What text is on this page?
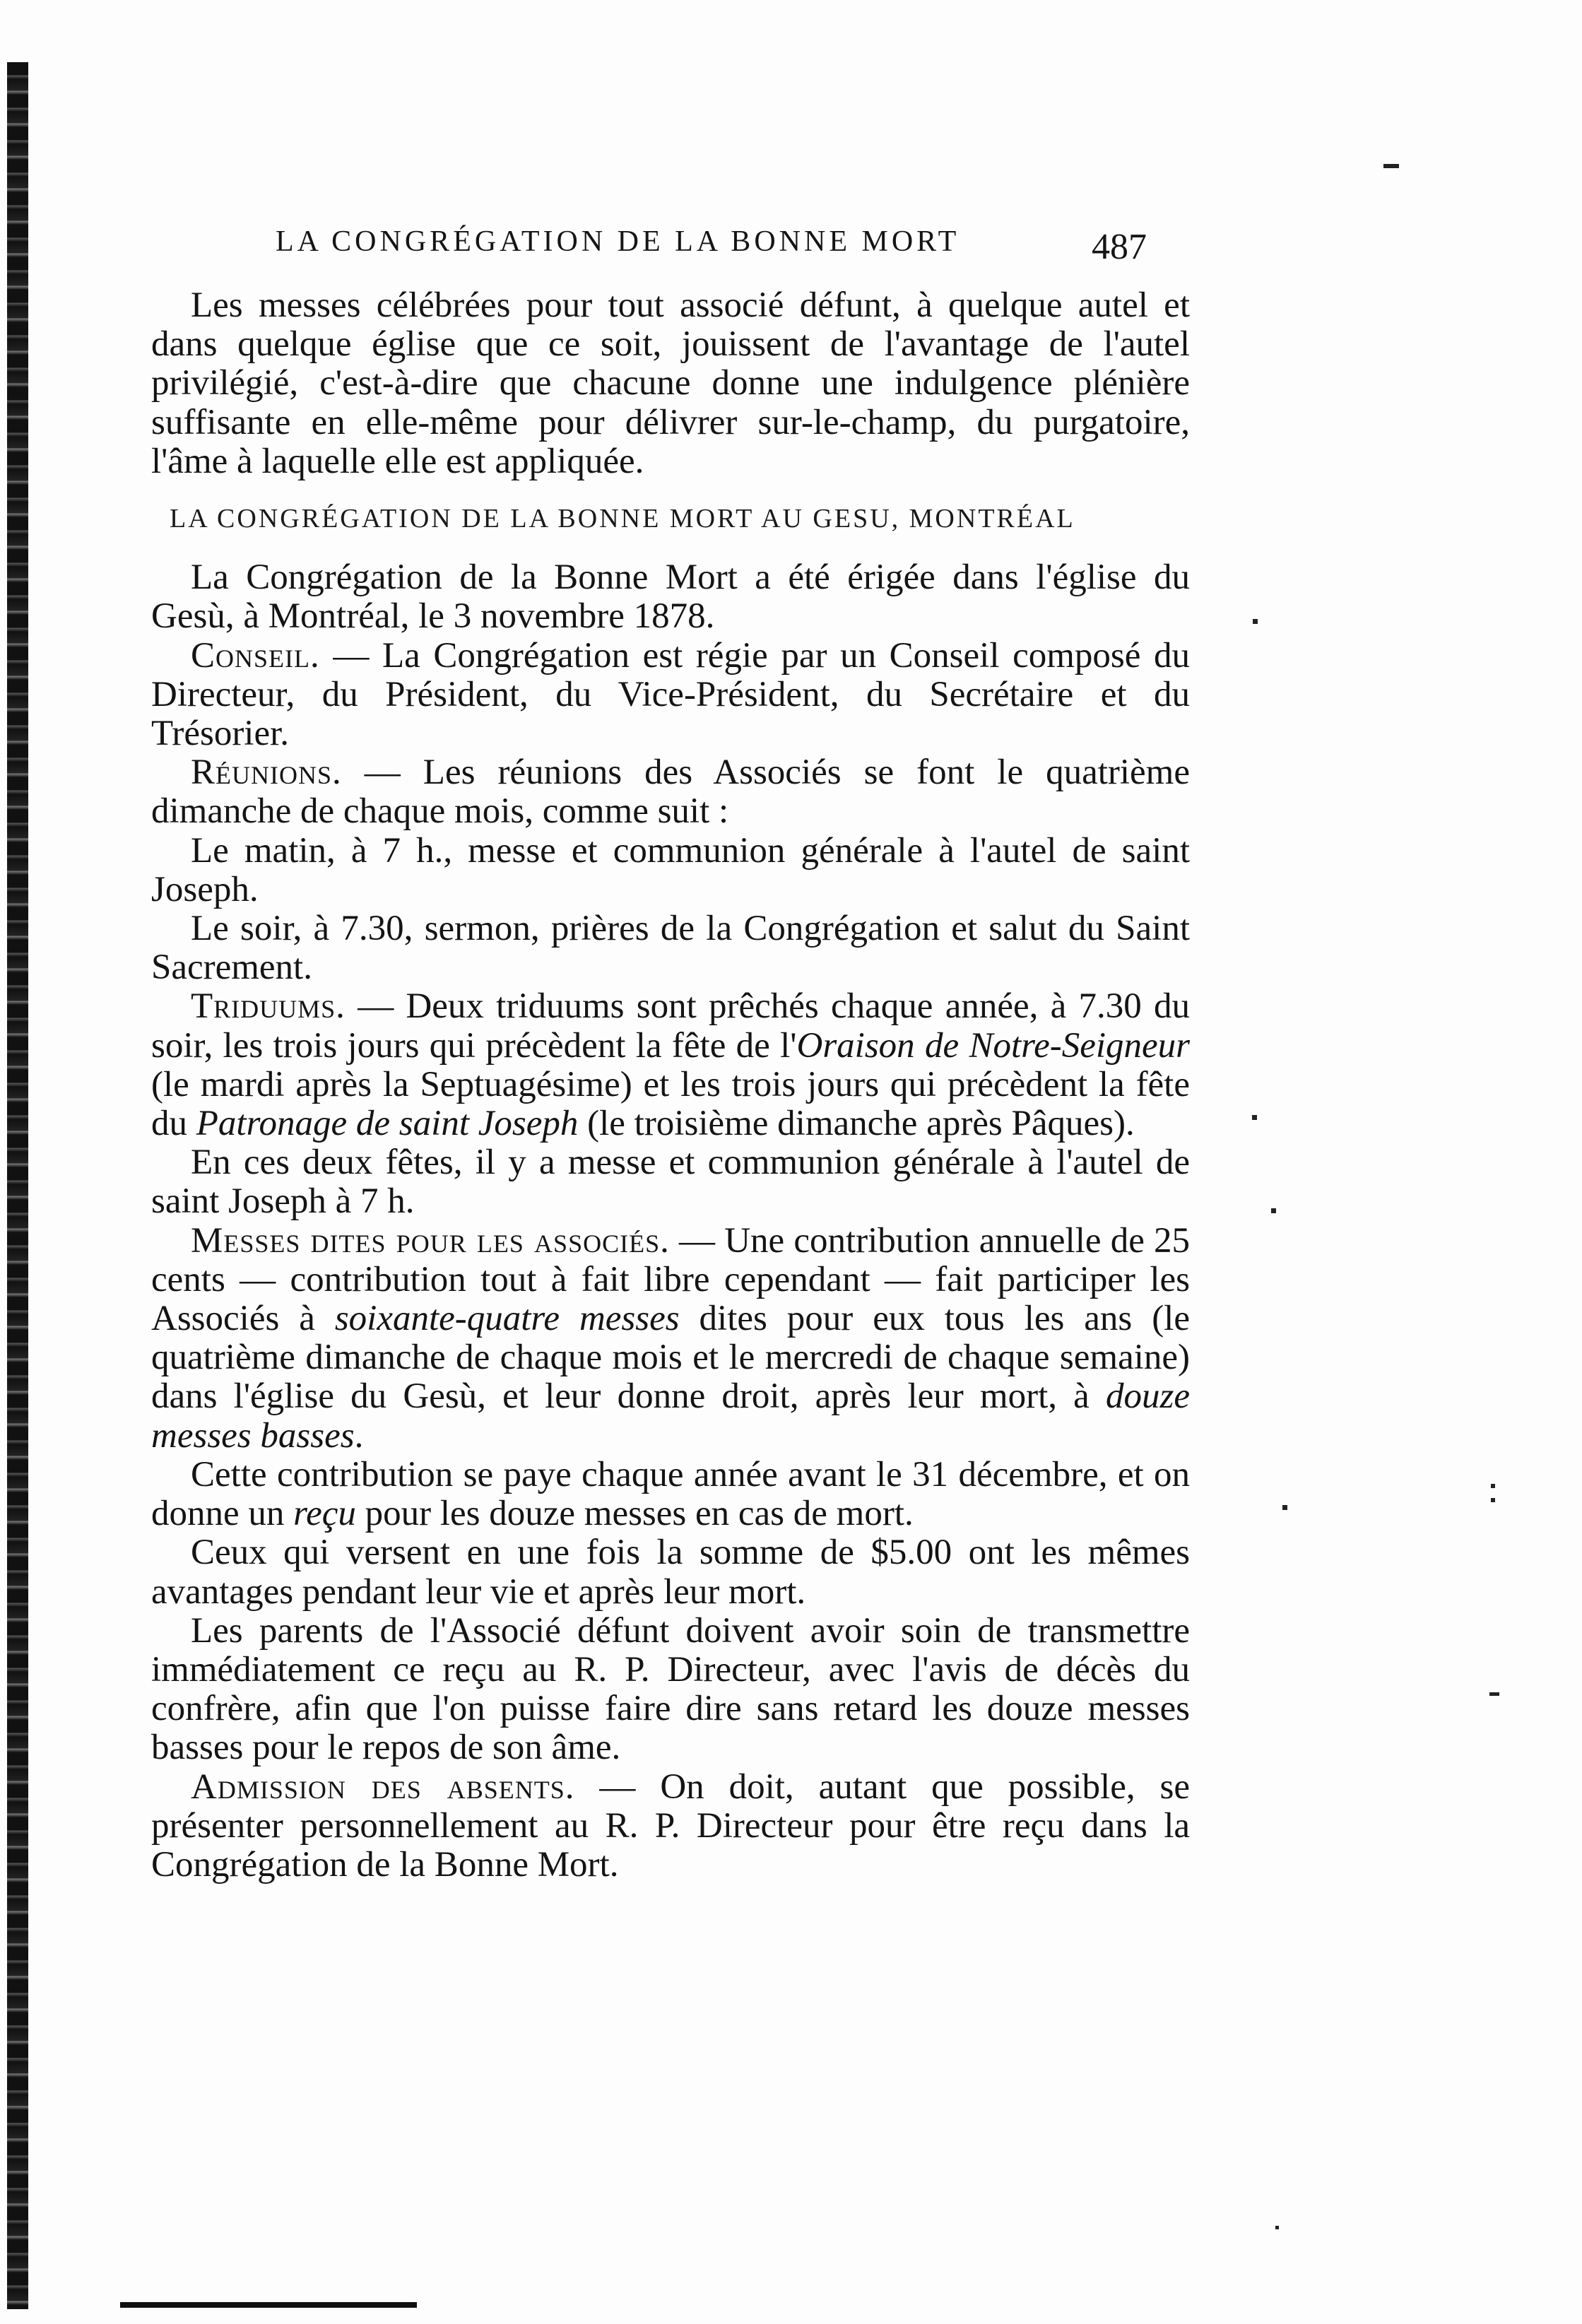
LA CONGRÉGATION DE LA BONNE MORT	487

Les messes célébrées pour tout associé défunt, à quelque autel et dans quelque église que ce soit, jouissent de l'avantage de l'autel privilégié, c'est-à-dire que chacune donne une indulgence plénière suffisante en elle-même pour délivrer sur-le-champ, du purgatoire, l'âme à laquelle elle est appliquée.

LA CONGRÉGATION DE LA BONNE MORT AU GESU, MONTRÉAL

La Congrégation de la Bonne Mort a été érigée dans l'église du Gesù, à Montréal, le 3 novembre 1878.

Conseil. — La Congrégation est régie par un Conseil composé du Directeur, du Président, du Vice-Président, du Secrétaire et du Trésorier.

Réunions. — Les réunions des Associés se font le quatrième dimanche de chaque mois, comme suit :

Le matin, à 7 h., messe et communion générale à l'autel de saint Joseph.

Le soir, à 7.30, sermon, prières de la Congrégation et salut du Saint Sacrement.

Triduums. — Deux triduums sont prêchés chaque année, à 7.30 du soir, les trois jours qui précèdent la fête de l'Oraison de Notre-Seigneur (le mardi après la Septuagésime) et les trois jours qui précèdent la fête du Patronage de saint Joseph (le troisième dimanche après Pâques).

En ces deux fêtes, il y a messe et communion générale à l'autel de saint Joseph à 7 h.

Messes dites pour les associés. — Une contribution annuelle de 25 cents — contribution tout à fait libre cependant — fait participer les Associés à soixante-quatre messes dites pour eux tous les ans (le quatrième dimanche de chaque mois et le mercredi de chaque semaine) dans l'église du Gesù, et leur donne droit, après leur mort, à douze messes basses.

Cette contribution se paye chaque année avant le 31 décembre, et on donne un reçu pour les douze messes en cas de mort.

Ceux qui versent en une fois la somme de $5.00 ont les mêmes avantages pendant leur vie et après leur mort.

Les parents de l'Associé défunt doivent avoir soin de transmettre immédiatement ce reçu au R. P. Directeur, avec l'avis de décès du confrère, afin que l'on puisse faire dire sans retard les douze messes basses pour le repos de son âme.

Admission des absents. — On doit, autant que possible, se présenter personnellement au R. P. Directeur pour être reçu dans la Congrégation de la Bonne Mort.
